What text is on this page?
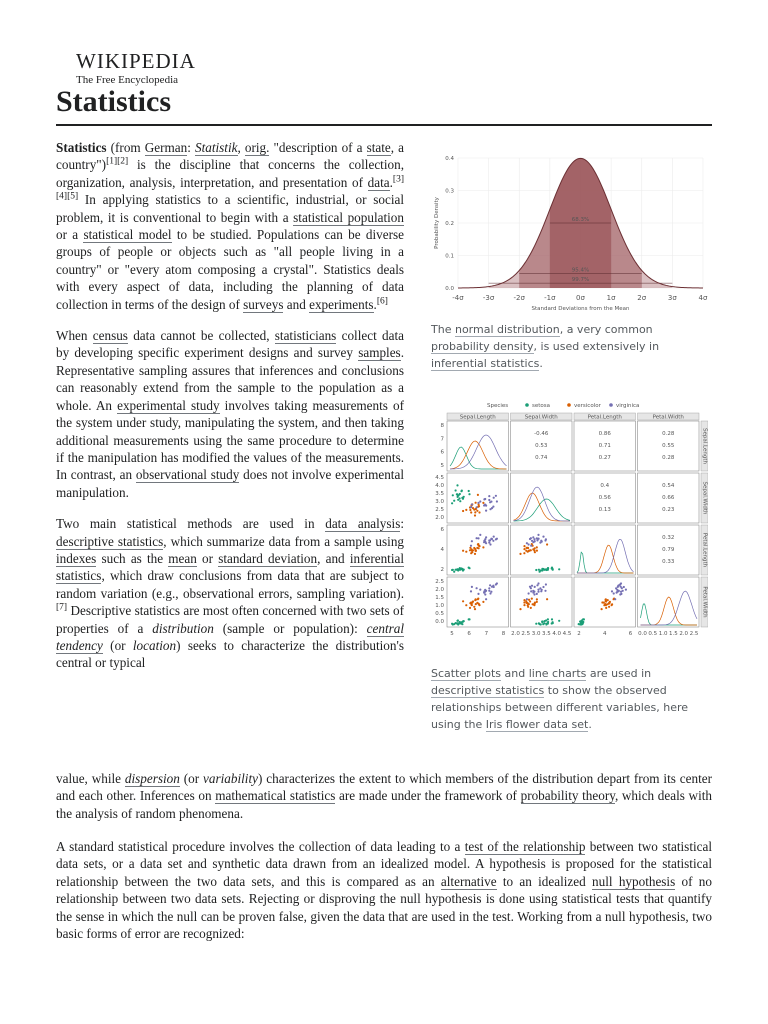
WIKIPEDIA
The Free Encyclopedia
Statistics

Statistics (from German: Statistik, orig. "description of a state, a country")[1][2] is the discipline that concerns the collection, organization, analysis, interpretation, and presentation of data.[3][4][5] In applying statistics to a scientific, industrial, or social problem, it is conventional to begin with a statistical population or a statistical model to be studied. Populations can be diverse groups of people or objects such as "all people living in a country" or "every atom composing a crystal". Statistics deals with every aspect of data, including the planning of data collection in terms of the design of surveys and experiments.[6]

When census data cannot be collected, statisticians collect data by developing specific experiment designs and survey samples. Representative sampling assures that inferences and conclusions can reasonably extend from the sample to the population as a whole. An experimental study involves taking measurements of the system under study, manipulating the system, and then taking additional measurements using the same procedure to determine if the manipulation has modified the values of the measurements. In contrast, an observational study does not involve experimental manipulation.

Two main statistical methods are used in data analysis: descriptive statistics, which summarize data from a sample using indexes such as the mean or standard deviation, and inferential statistics, which draw conclusions from data that are subject to random variation (e.g., observational errors, sampling variation).[7] Descriptive statistics are most often concerned with two sets of properties of a distribution (sample or population): central tendency (or location) seeks to characterize the distribution's central or typical

value, while dispersion (or variability) characterizes the extent to which members of the distribution depart from its center and each other. Inferences on mathematical statistics are made under the framework of probability theory, which deals with the analysis of random phenomena.

A standard statistical procedure involves the collection of data leading to a test of the relationship between two statistical data sets, or a data set and synthetic data drawn from an idealized model. A hypothesis is proposed for the statistical relationship between the two data sets, and this is compared as an alternative to an idealized null hypothesis of no relationship between two data sets. Rejecting or disproving the null hypothesis is done using statistical tests that quantify the sense in which the null can be proven false, given the data that are used in the test. Working from a null hypothesis, two basic forms of error are recognized:

0.0
0.1
0.2
0.3
0.4
-4σ	-3σ	-2σ	-1σ	0σ	1σ	2σ	3σ	4σ
68.3%
95.4%
99.7%
Standard Deviations from the Mean
Probability Density
The normal distribution, a very common probability density, is used extensively in inferential statistics.
Species	setosa	versicolor	virginica
Sepal.Length
Sepal.Length
Sepal.Width
Sepal.Width
Petal.Length
Petal.Length
Petal.Width
Petal.Width
-0.46
0.53
0.74
0.86
0.71
0.27
0.28
0.55
0.28
0.4
0.56
0.13
0.54
0.66
0.23
0.32
0.79
0.33
8
7
6
5
4.5
4.0
3.5
3.0
2.5
2.0
6
4
2
2.5
2.0
1.5
1.0
0.5
0.0
5 6 7 8 2.0 2.5 3.0 3.5 4.0 4.5 2	4	6 0.0 0.5 1.0 1.5 2.0 2.5
Scatter plots and line charts are used in descriptive statistics to show the observed relationships between different variables, here using the Iris flower data set.
